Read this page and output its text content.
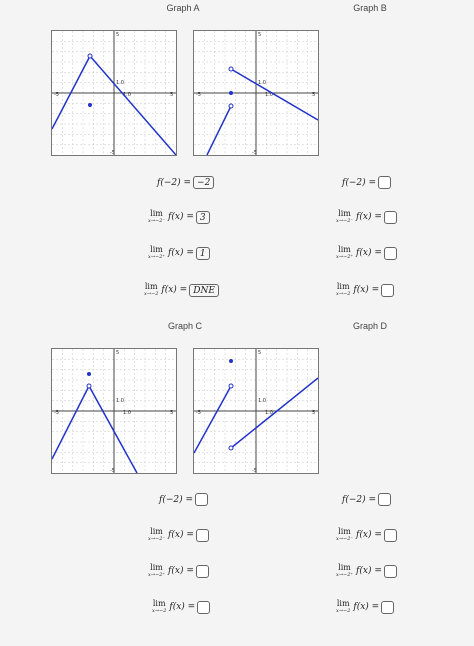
Graph A	Graph B
Graph C	Graph D
-5	5
5
-5
1.0
1.0	-5	5
5
-5
1.0
1.0
-5	5
5
-5
1.0
1.0	-5	5
5
-5
1.0
1.0
f(−2) = −2
lim
x→−2⁻ f(x) = 3
lim
x→−2⁺ f(x) = 1
lim
x→−2 f(x) = DNE
f(−2) =
lim
x→−2⁻ f(x) =
lim
x→−2⁺ f(x) =
lim
x→−2 f(x) =
f(−2) =
lim
x→−2⁻ f(x) =
lim
x→−2⁺ f(x) =
lim
x→−2 f(x) =
f(−2) =
lim
x→−2⁻ f(x) =
lim
x→−2⁺ f(x) =
lim
x→−2 f(x) =
